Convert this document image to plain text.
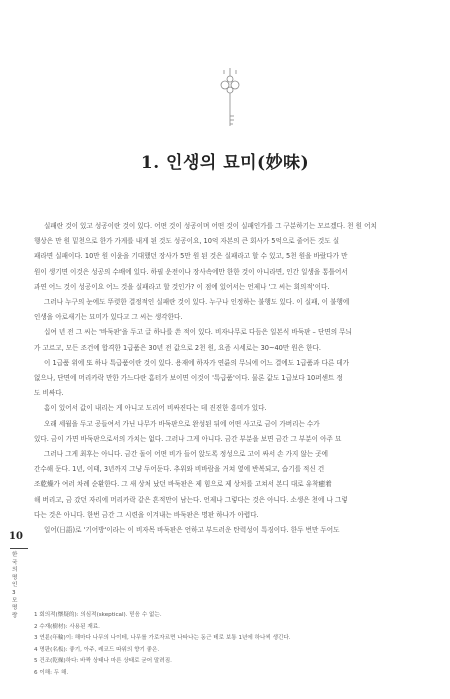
1. 인생의 묘미(妙味)

실패란 것이 있고 성공이란 것이 있다. 어떤 것이 성공이며 어떤 것이 실패인가를 그 구분하기는 모르겠다. 천 원 어치

행상은 만 원 밑천으로 한가 가게를 내게 된 것도 성공이요, 10억 자본의 큰 회사가 5억으로 줄어든 것도 실

패라면 실패이다. 10만 원 이윤을 기대했던 장사가 5만 원 된 것은 실패라고 할 수 있고, 5천 원을 바랐다가 만

원이 생기면 이것은 성공의 수배에 있다. 하필 운전이나 장사속에만 한한 것이 아니라면, 인간 일생을 통틀어서

과연 어느 것이 성공이요 어느 것을 실패라고 할 것인가? 이 점에 있어서는 언제나 '그 씨는 회의적'이다.

그러나 누구의 눈에도 뚜렷한 결정적인 실패란 것이 있다. 누구나 인정하는 불행도 있다. 이 실패, 이 불행에

인생을 아로새기는 묘미가 있다고 그 씨는 생각한다.

십여 년 전 그 씨는 '바둑판'을 두고 글 하나를 쓴 적이 있다. 비자나무로 다듬은 일본식 바둑판 – 단면의 무늬

가 고르고, 모든 조건에 합격한 1급품은 30년 전 값으로 2천 원, 요즘 시세로는 30~40만 원은 한다.

이 1급품 위에 또 하나 특급품이란 것이 있다. 용재에 하자가 연륜의 무늬에 어느 결에도 1급품과 다른 데가

없으나, 단면에 머리카락 만한 가느다란 흠터가 보이면 이것이 '특급품'이다. 물론 값도 1급보다 10퍼센트 정

도 비싸다.

흠이 있어서 값이 내리는 게 아니고 도리어 비싸진다는 데 진진한 흥미가 있다.

오래 세월을 두고 공들여서 가닌 나무가 바둑판으로 완성된 뒤에 어떤 사고로 금이 가버리는 수가

있다. 금이 가면 바둑판으로서의 가치는 없다. 그러나 그게 아니다. 금간 부분을 보면 금간 그 부분이 아주 묘

그러나 그게 최후는 아니다. 금간 돌이 어떤 비가 들어 앉도록 정성으로 고이 싸서 손 가지 않는 곳에

간수해 둔다. 1년, 이태, 3년까지 그냥 두어둔다. 추위와 비바람을 거쳐 옆에 반복되고, 습기를 적신 건

조乾燥가 여러 차례 순환한다. 그 새 상처 났던 바둑판은 제 힘으로 제 상처를 고쳐서 본디 대로 유착癒着

해 버리고, 금 갔던 자리에 머리카락 같은 흔적만이 남는다. 언제나 그렇다는 것은 아니다. 소생은 천에 나 그렇

다는 것은 아니다. 한번 금간 그 시련을 이겨내는 바둑판은 명판 하나가 아렵다.

일어(日語)로 '기어방'이라는 이 비자목 바둑판은 언하고 부드러운 탄력성이 특징이다. 한두 번만 두어도

10
한국의 명인 3모 명랑	1 회의적(懷疑的): 의심적(skeptical). 믿음 수 없는.
2 수재(樹材): 사용된 재료.
3 연륜(年輪)이: 해마다 나무의 나이테, 나무를 가로자르면 나타나는 동근 테로 보통 1년에 하나씩 생긴다.
4 명판(名板): 좋기, 아주, 레코드 따위의 향기 좋은.
5 건조(乾燥)하다: 바짝 상태나 마른 상태로 굳어 말려짐.
6 이해: 두 해.
